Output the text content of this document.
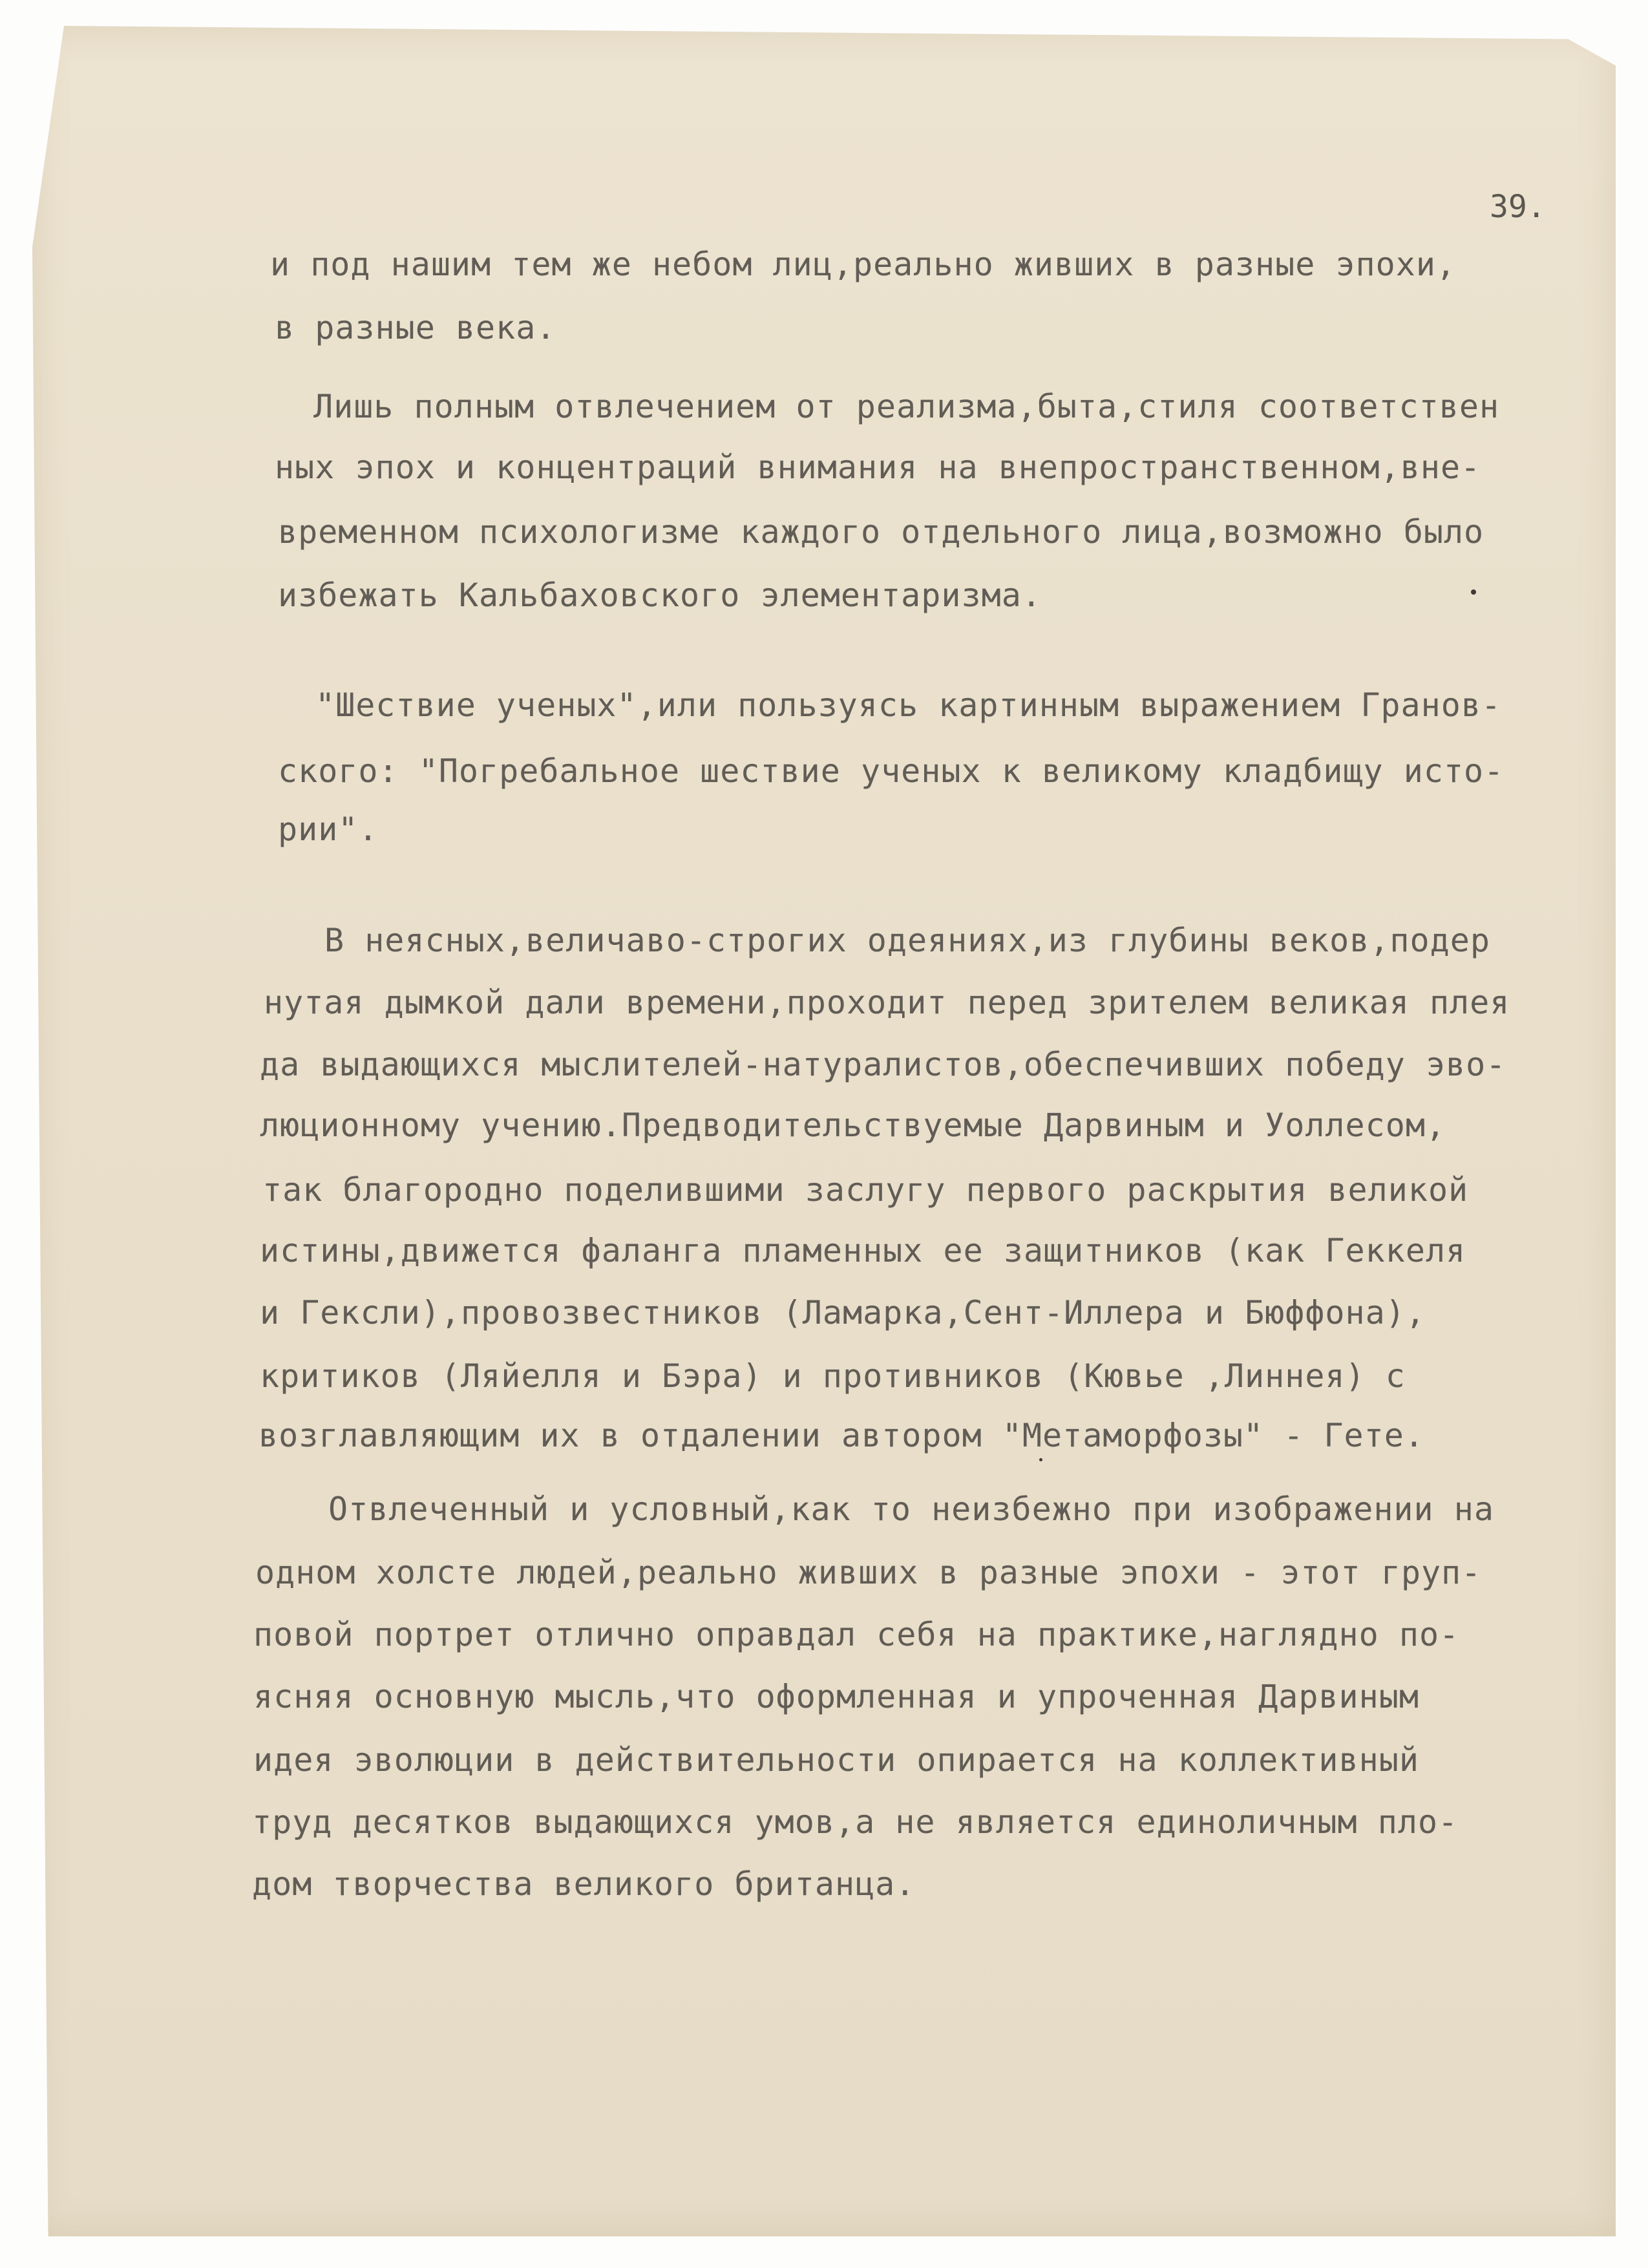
39.

и под нашим тем же небом лиц,реально живших в разные эпохи,

в разные века.

Лишь полным отвлечением от реализма,быта,стиля соответствен

ных эпох и концентраций внимания на внепространственном,вне-

временном психологизме каждого отдельного лица,возможно было

избежать Кальбаховского элементаризма.

"Шествие ученых",или пользуясь картинным выражением Гранов-

ского: "Погребальное шествие ученых к великому кладбищу исто-

рии".

В неясных,величаво-строгих одеяниях,из глубины веков,подер

нутая дымкой дали времени,проходит перед зрителем великая плея

да выдающихся мыслителей-натуралистов,обеспечивших победу эво-

люционному учению.Предводительствуемые Дарвиным и Уоллесом,

так благородно поделившими заслугу первого раскрытия великой

истины,движется фаланга пламенных ее защитников (как Геккеля

и Гексли),провозвестников (Ламарка,Сент-Иллера и Бюффона),

критиков (Ляйелля и Бэра) и противников (Кювье ,Линнея) с

возглавляющим их в отдалении автором "Метаморфозы" - Гете.

Отвлеченный и условный,как то неизбежно при изображении на

одном холсте людей,реально живших в разные эпохи - этот груп-

повой портрет отлично оправдал себя на практике,наглядно по-

ясняя основную мысль,что оформленная и упроченная Дарвиным

идея эволюции в действительности опирается на коллективный

труд десятков выдающихся умов,а не является единоличным пло-

дом творчества великого британца.
